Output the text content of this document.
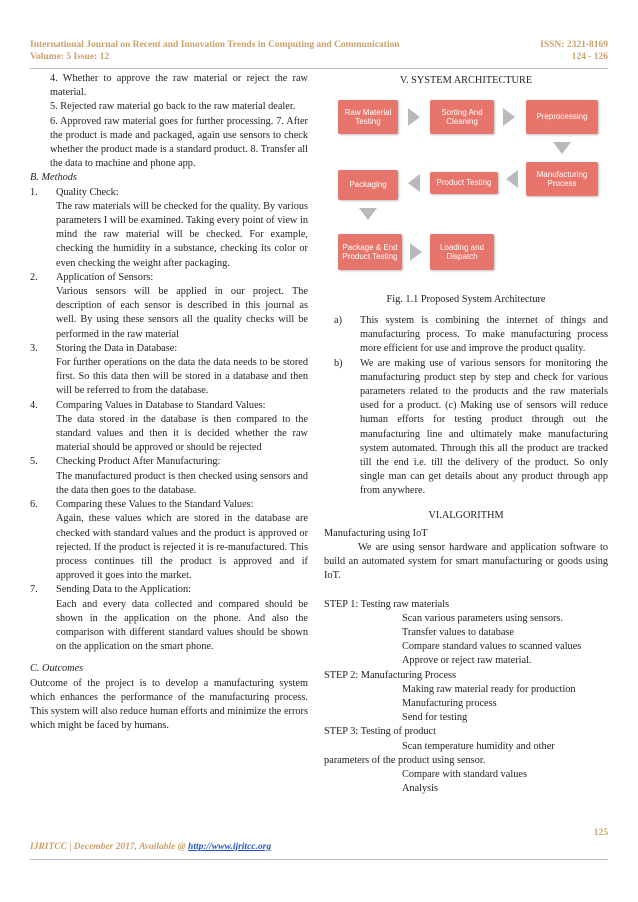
International Journal on Recent and Innovation Trends in Computing and Communication	ISSN: 2321-8169
Volume: 5 Issue: 12	124 - 126

4. Whether to approve the raw material or reject the raw material.

5. Rejected raw material go back to the raw material dealer.

6. Approved raw material goes for further processing. 7. After the product is made and packaged, again use sensors to check whether the product made is a standard product. 8. Transfer all the data to machine and phone app.

B. Methods

1. Quality Check:
The raw materials will be checked for the quality. By various parameters I will be examined. Taking every point of view in mind the raw material will be checked. For example, checking the humidity in a substance, checking its color or even checking the weight after packaging.
2. Application of Sensors:
Various sensors will be applied in our project. The description of each sensor is described in this journal as well. By using these sensors all the quality checks will be performed in the raw material
3. Storing the Data in Database:
For further operations on the data the data needs to be stored first. So this data then will be stored in a database and then will be referred to from the database.
4. Comparing Values in Database to Standard Values:
The data stored in the database is then compared to the standard values and then it is decided whether the raw material should be approved or should be rejected
5. Checking Product After Manufacturing:
The manufactured product is then checked using sensors and the data then goes to the database.
6. Comparing these Values to the Standard Values:
Again, these values which are stored in the database are checked with standard values and the product is approved or rejected. If the product is rejected it is re-manufactured. This process continues till the product is approved and if approved it goes into the market.
7. Sending Data to the Application:
Each and every data collected and compared should be shown in the application on the phone. And also the comparison with different standard values should be shown on the application on the smart phone.

C. Outcomes

Outcome of the project is to develop a manufacturing system which enhances the performance of the manufacturing process. This system will also reduce human efforts and minimize the errors which might be faced by humans.

V. SYSTEM ARCHITECTURE
Raw Material Testing
Sorting And Cleaning
Preprocessing
Manufacturing Process
Product Testing
Packaging
Package & End Product Testing
Loading and Dispatch
Fig. 1.1 Proposed System Architecture
a) This system is combining the internet of things and manufacturing process. To make manufacturing process more efficient for use and improve the product quality.
b) We are making use of various sensors for monitoring the manufacturing product step by step and check for various parameters related to the products and the raw materials used for a product. (c) Making use of sensors will reduce human efforts for testing product through out the manufacturing line and ultimately make manufacturing system automated. Through this all the product are tracked till the end i.e. till the delivery of the product. So only single man can get details about any product through app from anywhere.

VI.ALGORITHM

Manufacturing using IoT

We are using sensor hardware and application software to build an automated system for smart manufacturing or goods using IoT.

STEP 1: Testing raw materials

Scan various parameters using sensors.

Transfer values to database

Compare standard values to scanned values

Approve or reject raw material.

STEP 2: Manufacturing Process

Making raw material ready for production

Manufacturing process

Send for testing

STEP 3: Testing of product

Scan temperature humidity and other

parameters of the product using sensor.

Compare with standard values

Analysis

125
IJRITCC | December 2017, Available @ http://www.ijritcc.org
